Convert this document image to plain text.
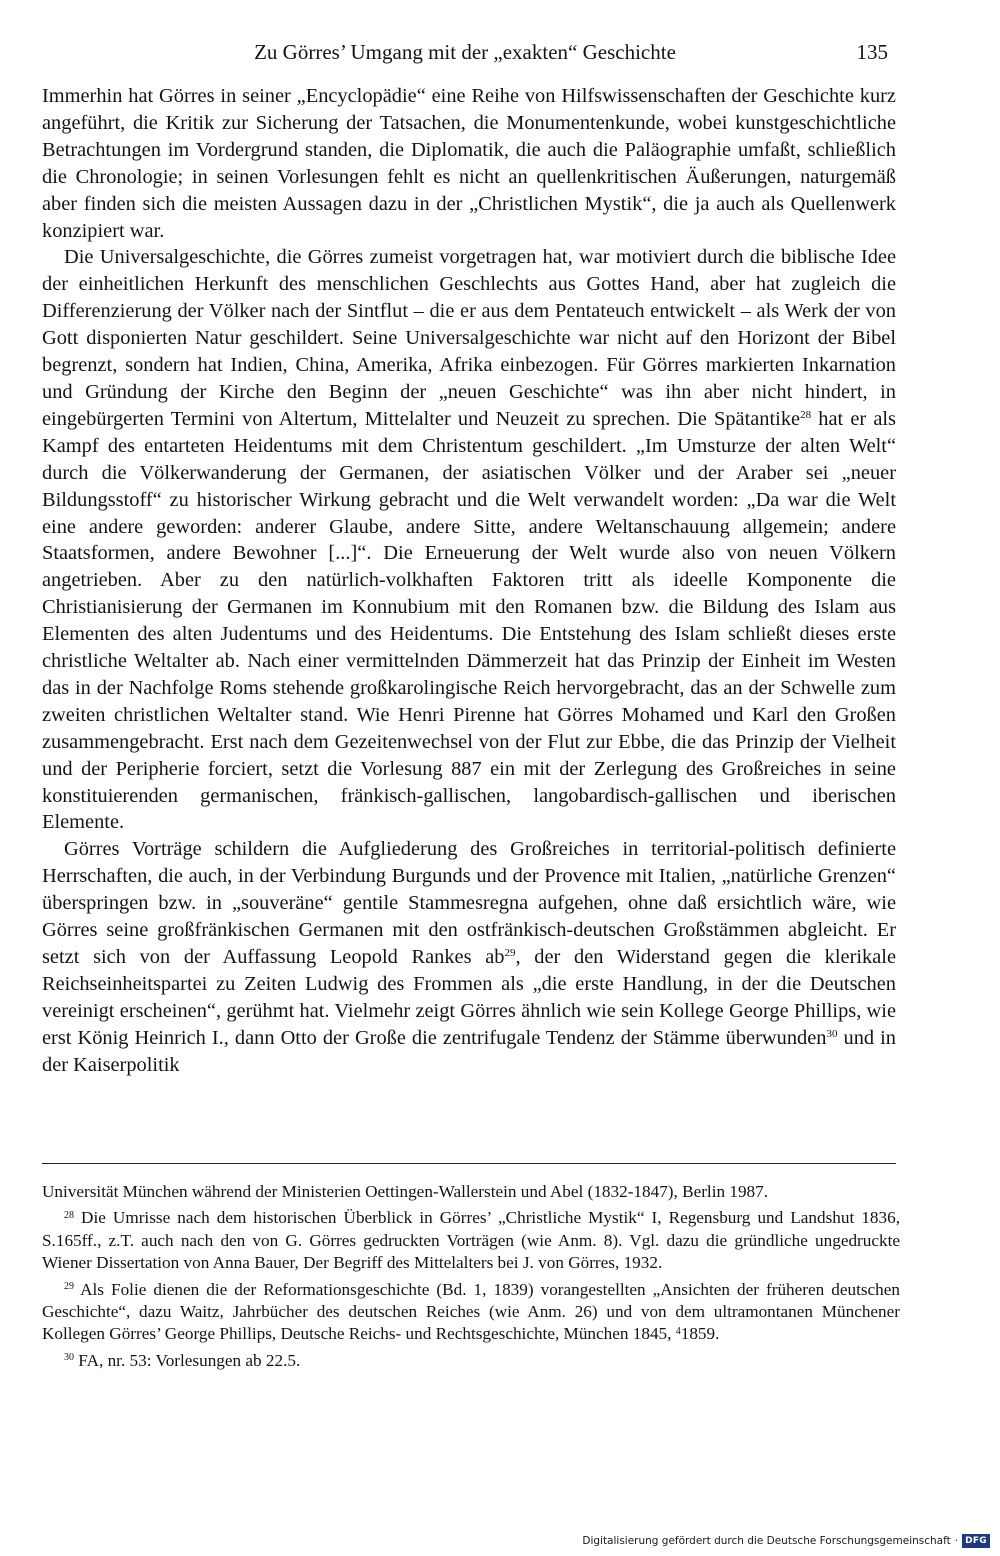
Zu Görres’ Umgang mit der „exakten“ Geschichte	135

Immerhin hat Görres in seiner „Encyclopädie“ eine Reihe von Hilfswissenschaften der Geschichte kurz angeführt, die Kritik zur Sicherung der Tatsachen, die Monumentenkunde, wobei kunstgeschichtliche Betrachtungen im Vordergrund standen, die Diplomatik, die auch die Paläographie umfaßt, schließlich die Chronologie; in seinen Vorlesungen fehlt es nicht an quellenkritischen Äußerungen, naturgemäß aber finden sich die meisten Aussagen dazu in der „Christlichen Mystik“, die ja auch als Quellenwerk konzipiert war.

Die Universalgeschichte, die Görres zumeist vorgetragen hat, war motiviert durch die biblische Idee der einheitlichen Herkunft des menschlichen Geschlechts aus Gottes Hand, aber hat zugleich die Differenzierung der Völker nach der Sintflut – die er aus dem Pentateuch entwickelt – als Werk der von Gott disponierten Natur geschildert. Seine Universalgeschichte war nicht auf den Horizont der Bibel begrenzt, sondern hat Indien, China, Amerika, Afrika einbezogen. Für Görres markierten Inkarnation und Gründung der Kirche den Beginn der „neuen Geschichte“ was ihn aber nicht hindert, in eingebürgerten Termini von Altertum, Mittelalter und Neuzeit zu sprechen. Die Spätantike$^{28}$ hat er als Kampf des entarteten Heidentums mit dem Christentum geschildert. „Im Umsturze der alten Welt“ durch die Völkerwanderung der Germanen, der asiatischen Völker und der Araber sei „neuer Bildungsstoff“ zu historischer Wirkung gebracht und die Welt verwandelt worden: „Da war die Welt eine andere geworden: anderer Glaube, andere Sitte, andere Weltanschauung allgemein; andere Staatsformen, andere Bewohner [...]“. Die Erneuerung der Welt wurde also von neuen Völkern angetrieben. Aber zu den natürlich-volkhaften Faktoren tritt als ideelle Komponente die Christianisierung der Germanen im Konnubium mit den Romanen bzw. die Bildung des Islam aus Elementen des alten Judentums und des Heidentums. Die Entstehung des Islam schließt dieses erste christliche Weltalter ab. Nach einer vermittelnden Dämmerzeit hat das Prinzip der Einheit im Westen das in der Nachfolge Roms stehende großkarolingische Reich hervorgebracht, das an der Schwelle zum zweiten christlichen Weltalter stand. Wie Henri Pirenne hat Görres Mohamed und Karl den Großen zusammengebracht. Erst nach dem Gezeitenwechsel von der Flut zur Ebbe, die das Prinzip der Vielheit und der Peripherie forciert, setzt die Vorlesung 887 ein mit der Zerlegung des Großreiches in seine konstituierenden germanischen, fränkisch-gallischen, langobardisch-gallischen und iberischen Elemente.

Görres Vorträge schildern die Aufgliederung des Großreiches in territorial-politisch definierte Herrschaften, die auch, in der Verbindung Burgunds und der Provence mit Italien, „natürliche Grenzen“ überspringen bzw. in „souveräne“ gentile Stammesregna aufgehen, ohne daß ersichtlich wäre, wie Görres seine großfränkischen Germanen mit den ostfränkisch-deutschen Großstämmen abgleicht. Er setzt sich von der Auffassung Leopold Rankes $ab^{29}$, der den Widerstand gegen die klerikale Reichseinheitspartei zu Zeiten Ludwig des Frommen als „die erste Handlung, in der die Deutschen vereinigt erscheinen“, gerühmt hat. Vielmehr zeigt Görres ähnlich wie sein Kollege George Phillips, wie erst König Heinrich I., dann Otto der Große die zentrifugale Tendenz der Stämme überwunden$^{30}$ und in der Kaiserpolitik

Universität München während der Ministerien Oettingen-Wallerstein und Abel (1832-1847), Berlin 1987.

$^{28}$ Die Umrisse nach dem historischen Überblick in Görres’ „Christliche Mystik“ I, Regensburg und Landshut 1836, S.165ff., z.T. auch nach den von G. Görres gedruckten Vorträgen (wie Anm. 8). Vgl. dazu die gründliche ungedruckte Wiener Dissertation von Anna Bauer, Der Begriff des Mittelalters bei J. von Görres, 1932.

$^{29}$ Als Folie dienen die der Reformationsgeschichte (Bd. 1, 1839) vorangestellten „Ansichten der früheren deutschen Geschichte“, dazu Waitz, Jahrbücher des deutschen Reiches (wie Anm. 26) und von dem ultramontanen Münchener Kollegen Görres’ George Phillips, Deutsche Reichs- und Rechtsgeschichte, München 1845, $^4$1859.

$^{30}$ FA, nr. 53: Vorlesungen ab 22.5.

Digitalisierung gefördert durch die Deutsche Forschungsgemeinschaft · DFG
